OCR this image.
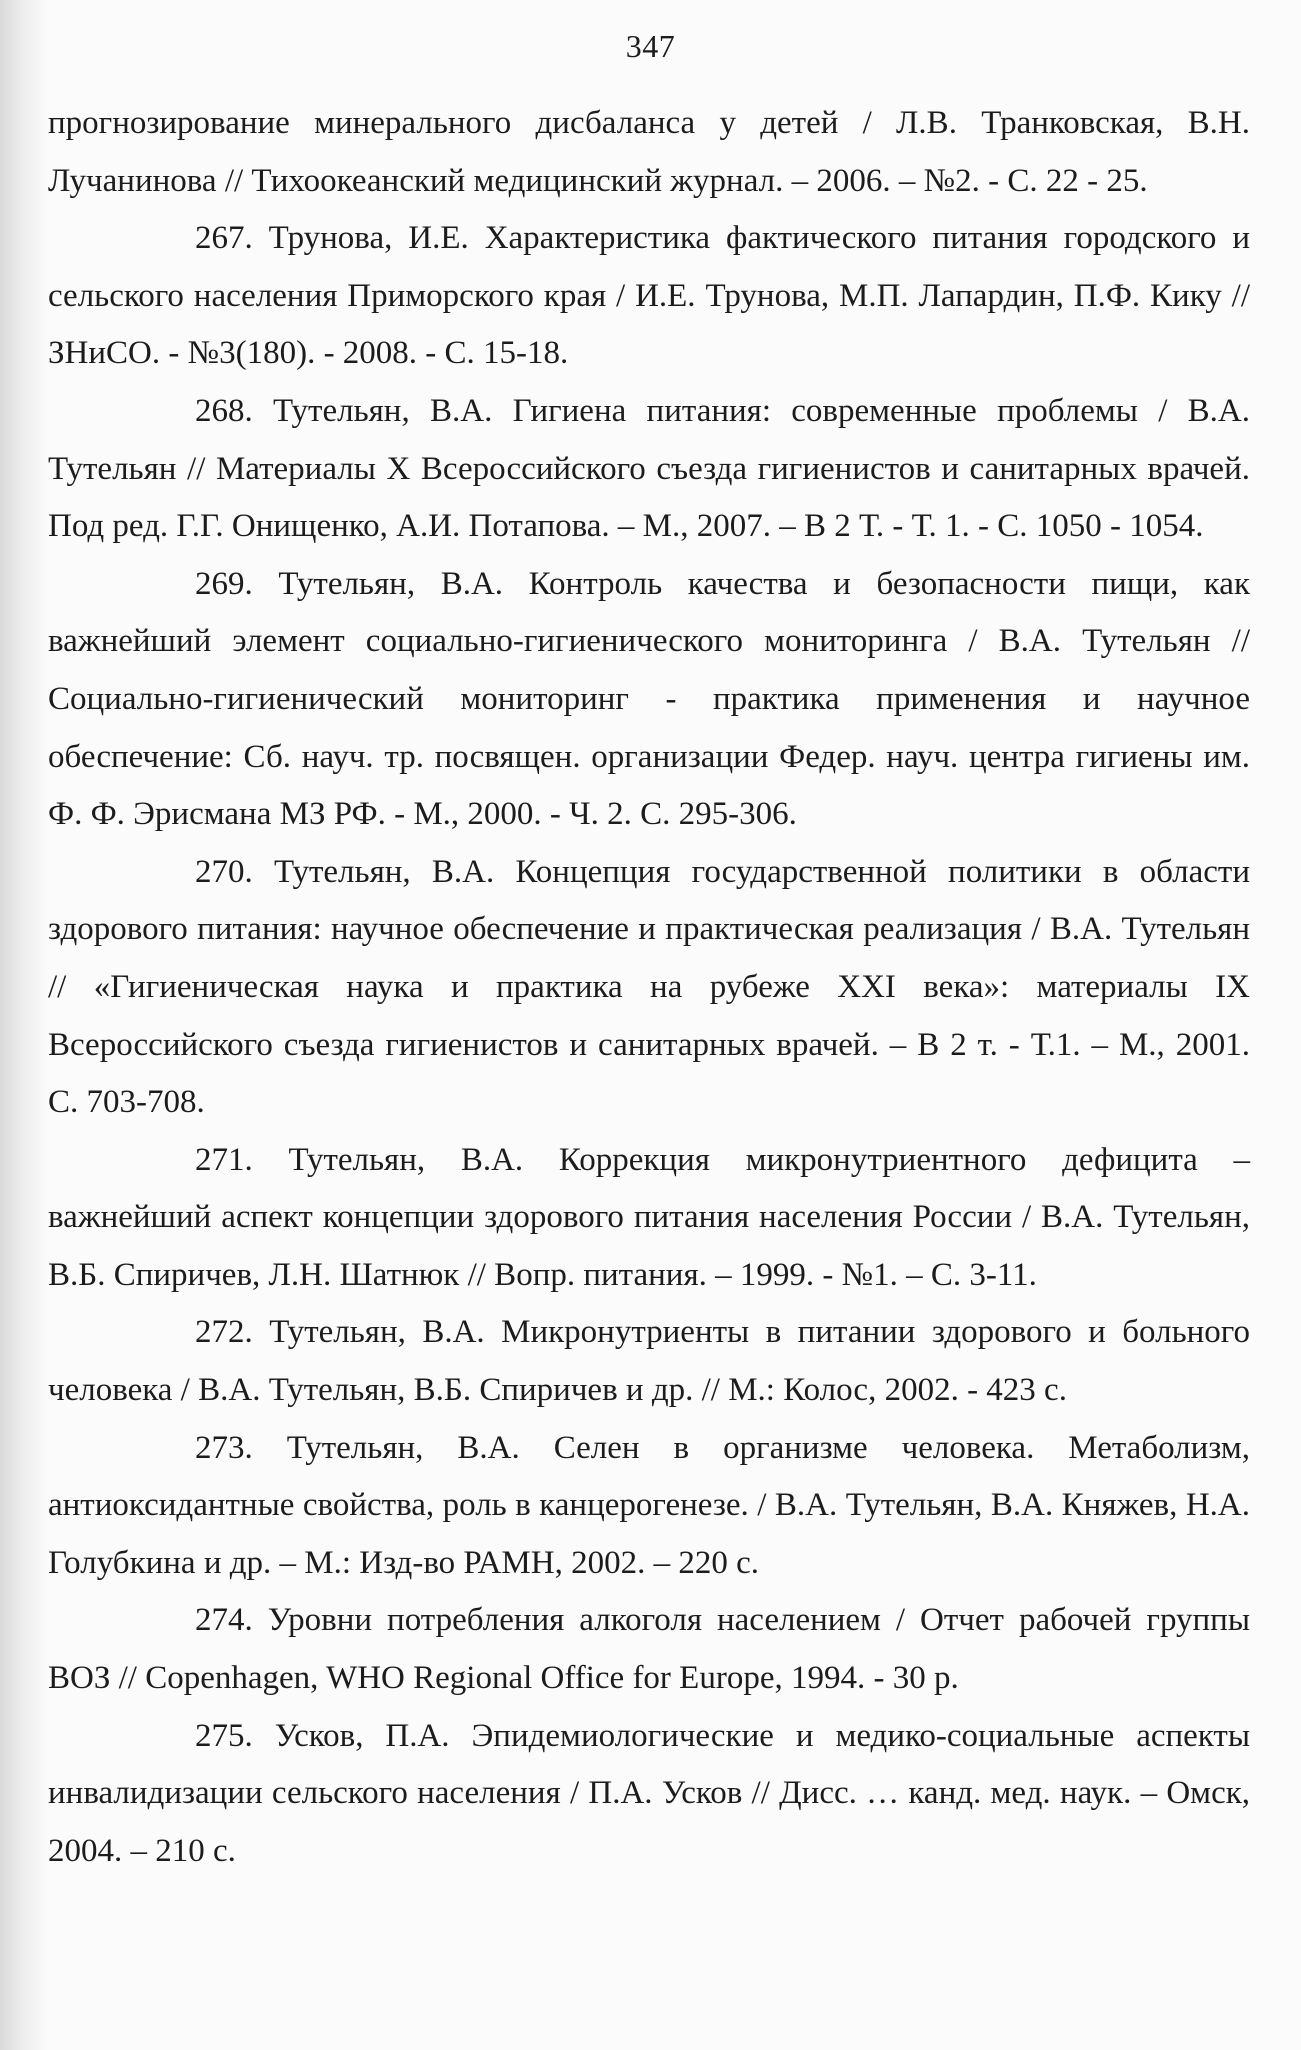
347

прогнозирование минерального дисбаланса у детей / Л.В. Транковская, В.Н. Лучанинова // Тихоокеанский медицинский журнал. – 2006. – №2. - С. 22 - 25.

267. Трунова, И.Е. Характеристика фактического питания городского и сельского населения Приморского края / И.Е. Трунова, М.П. Лапардин, П.Ф. Кику // ЗНиСО. - №3(180). - 2008. - С. 15-18.

268. Тутельян, В.А. Гигиена питания: современные проблемы / В.А. Тутельян // Материалы X Всероссийского съезда гигиенистов и санитарных врачей. Под ред. Г.Г. Онищенко, А.И. Потапова. – М., 2007. – В 2 Т. - Т. 1. - С. 1050 - 1054.

269. Тутельян, В.А. Контроль качества и безопасности пищи, как важнейший элемент социально-гигиенического мониторинга / В.А. Тутельян // Социально-гигиенический мониторинг - практика применения и научное обеспечение: Сб. науч. тр. посвящен. организации Федер. науч. центра гигиены им. Ф. Ф. Эрисмана МЗ РФ. - М., 2000. - Ч. 2. С. 295-306.

270. Тутельян, В.А. Концепция государственной политики в области здорового питания: научное обеспечение и практическая реализация / В.А. Тутельян // «Гигиеническая наука и практика на рубеже XXI века»: материалы IX Всероссийского съезда гигиенистов и санитарных врачей. – В 2 т. - Т.1. – М., 2001. С. 703-708.

271. Тутельян, В.А. Коррекция микронутриентного дефицита – важнейший аспект концепции здорового питания населения России / В.А. Тутельян, В.Б. Спиричев, Л.Н. Шатнюк // Вопр. питания. – 1999. - №1. – С. 3-11.

272. Тутельян, В.А. Микронутриенты в питании здорового и больного человека / В.А. Тутельян, В.Б. Спиричев и др. // М.: Колос, 2002. - 423 с.

273. Тутельян, В.А. Селен в организме человека. Метаболизм, антиоксидантные свойства, роль в канцерогенезе. / В.А. Тутельян, В.А. Княжев, Н.А. Голубкина и др. – М.: Изд-во РАМН, 2002. – 220 с.

274. Уровни потребления алкоголя населением / Отчет рабочей группы ВОЗ // Copenhagen, WHO Regional Office for Europe, 1994. - 30 p.

275. Усков, П.А. Эпидемиологические и медико-социальные аспекты инвалидизации сельского населения / П.А. Усков // Дисс. … канд. мед. наук. – Омск, 2004. – 210 с.
